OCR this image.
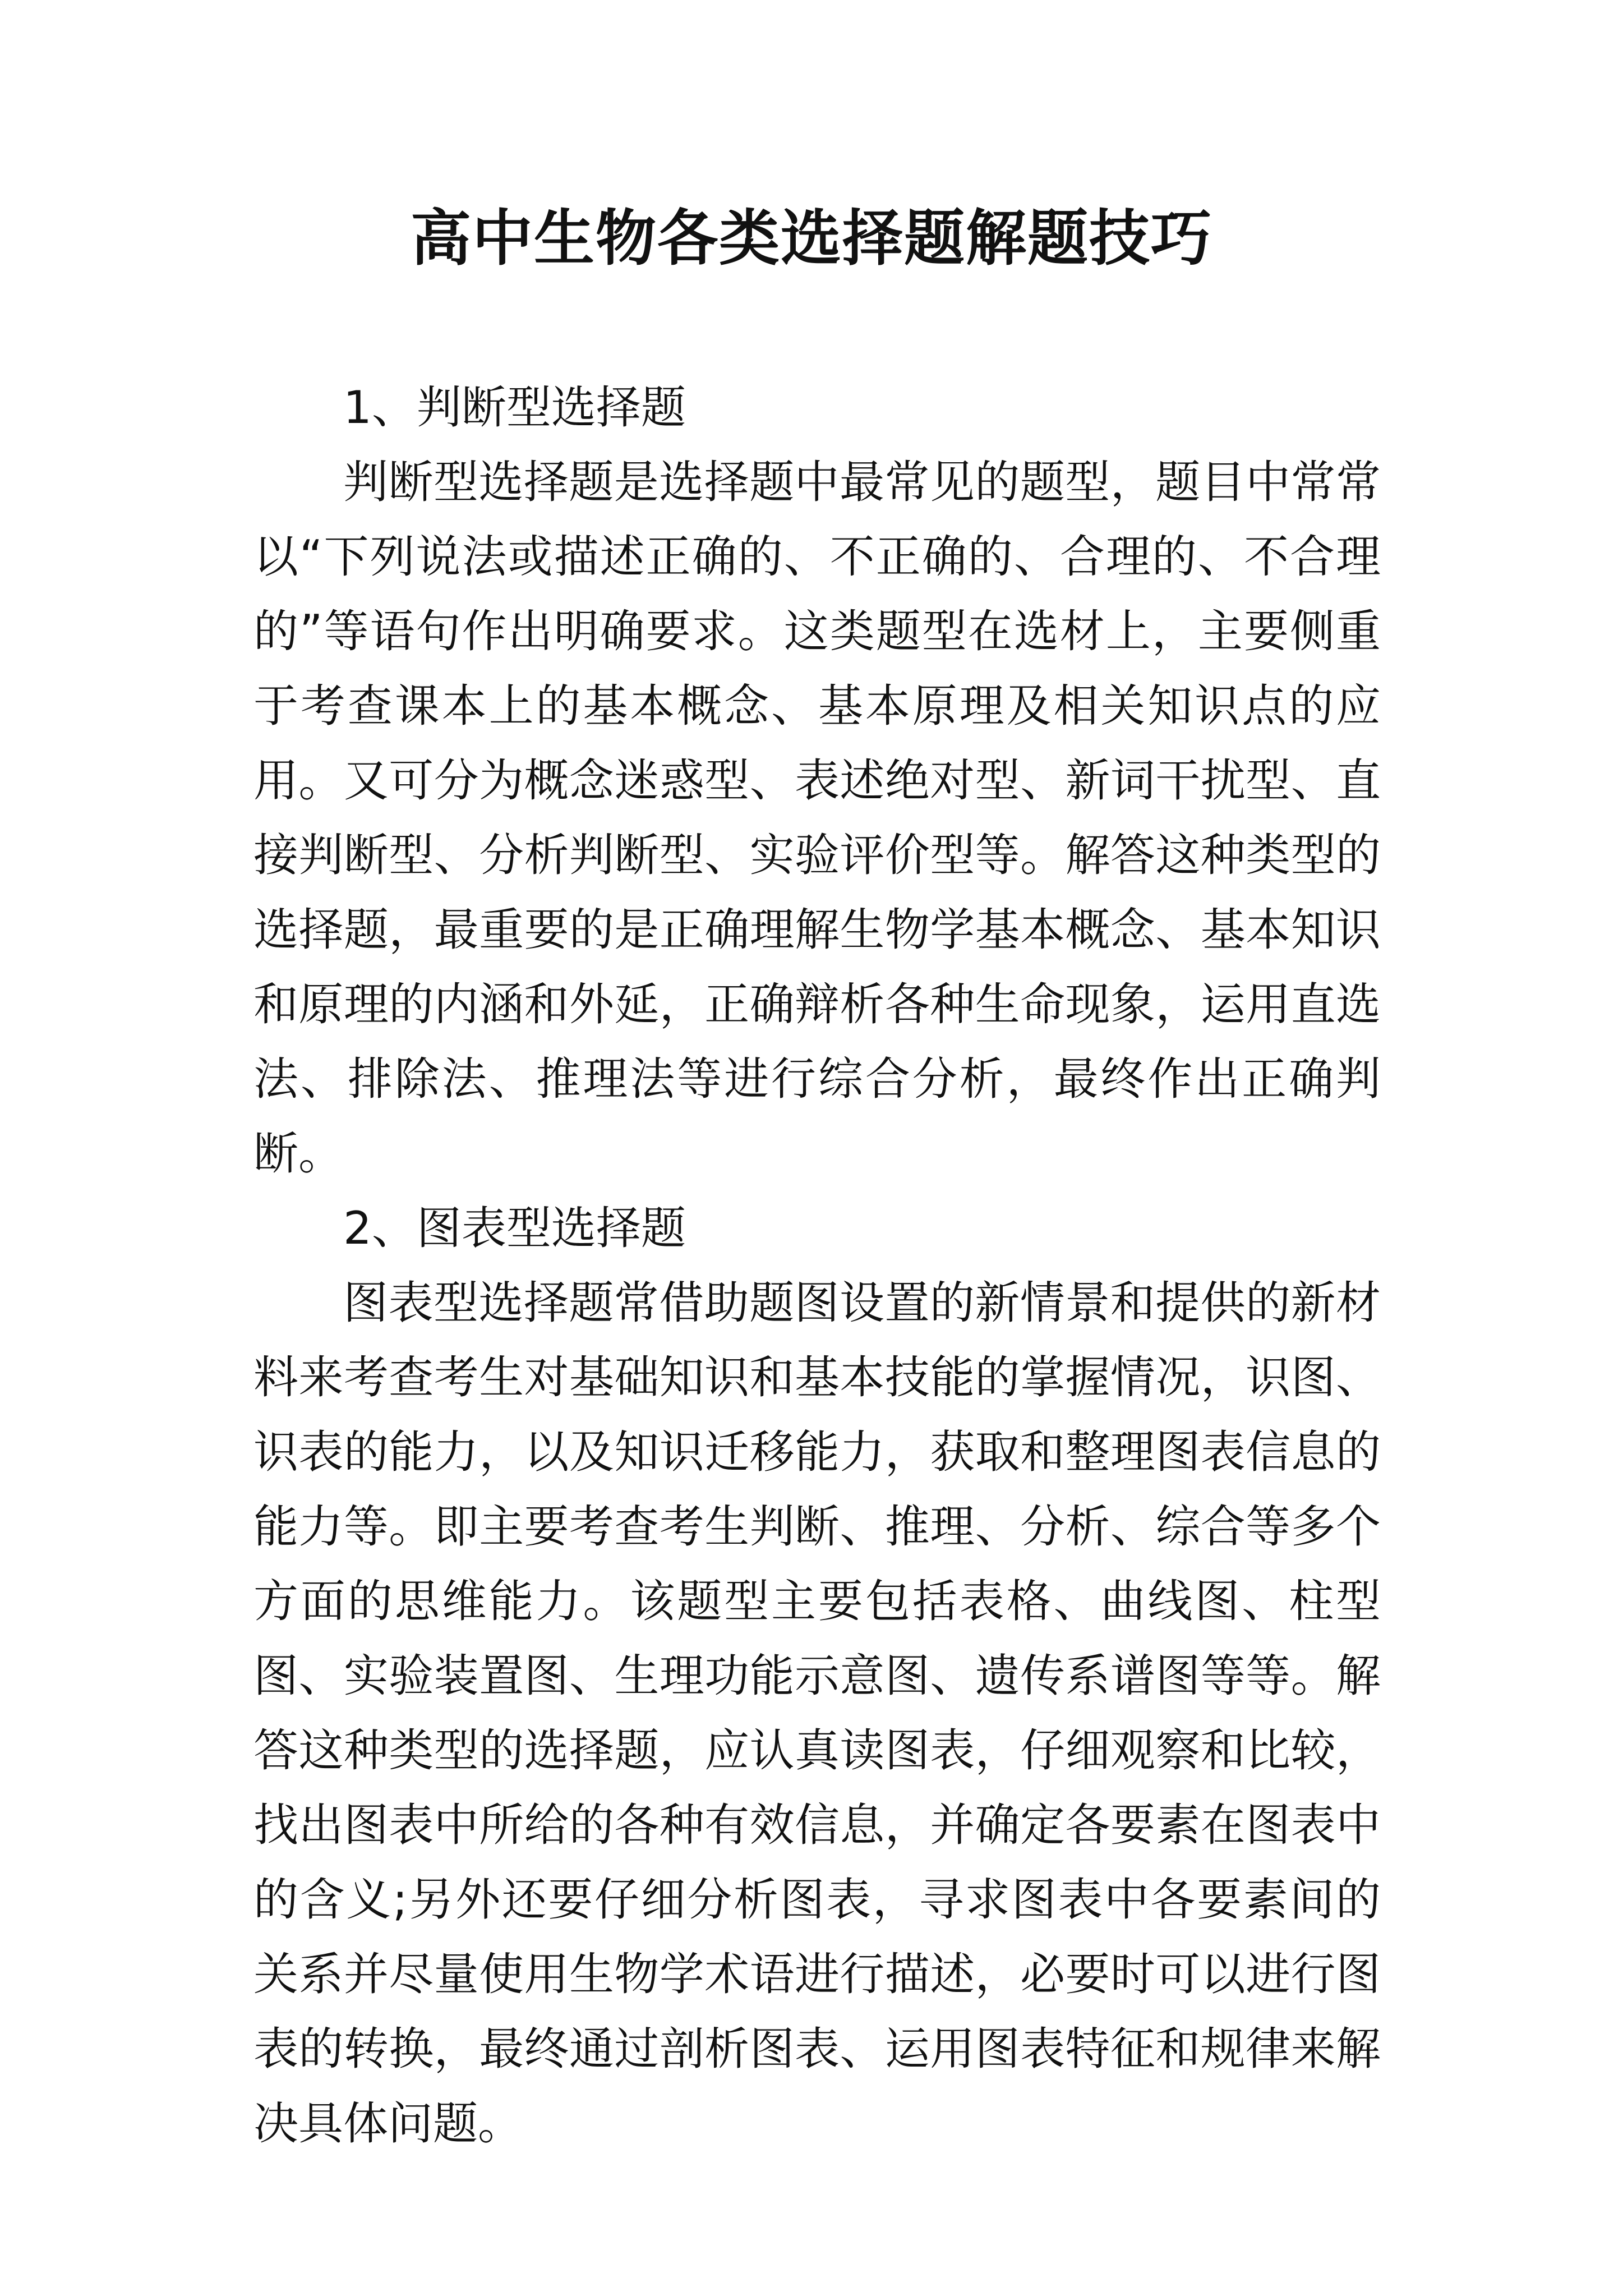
高中生物各类选择题解题技巧

1、判断型选择题

判断型选择题是选择题中最常见的题型，题目中常常以“下列说法或描述正确的、不正确的、合理的、不合理的”等语句作出明确要求。这类题型在选材上，主要侧重于考查课本上的基本概念、基本原理及相关知识点的应用。又可分为概念迷惑型、表述绝对型、新词干扰型、直接判断型、分析判断型、实验评价型等。解答这种类型的选择题，最重要的是正确理解生物学基本概念、基本知识和原理的内涵和外延，正确辩析各种生命现象，运用直选法、排除法、推理法等进行综合分析，最终作出正确判断。

2、图表型选择题

图表型选择题常借助题图设置的新情景和提供的新材料来考查考生对基础知识和基本技能的掌握情况，识图、识表的能力，以及知识迁移能力，获取和整理图表信息的能力等。即主要考查考生判断、推理、分析、综合等多个方面的思维能力。该题型主要包括表格、曲线图、柱型图、实验装置图、生理功能示意图、遗传系谱图等等。解答这种类型的选择题，应认真读图表，仔细观察和比较，找出图表中所给的各种有效信息，并确定各要素在图表中的含义;另外还要仔细分析图表，寻求图表中各要素间的关系并尽量使用生物学术语进行描述，必要时可以进行图表的转换，最终通过剖析图表、运用图表特征和规律来解决具体问题。
